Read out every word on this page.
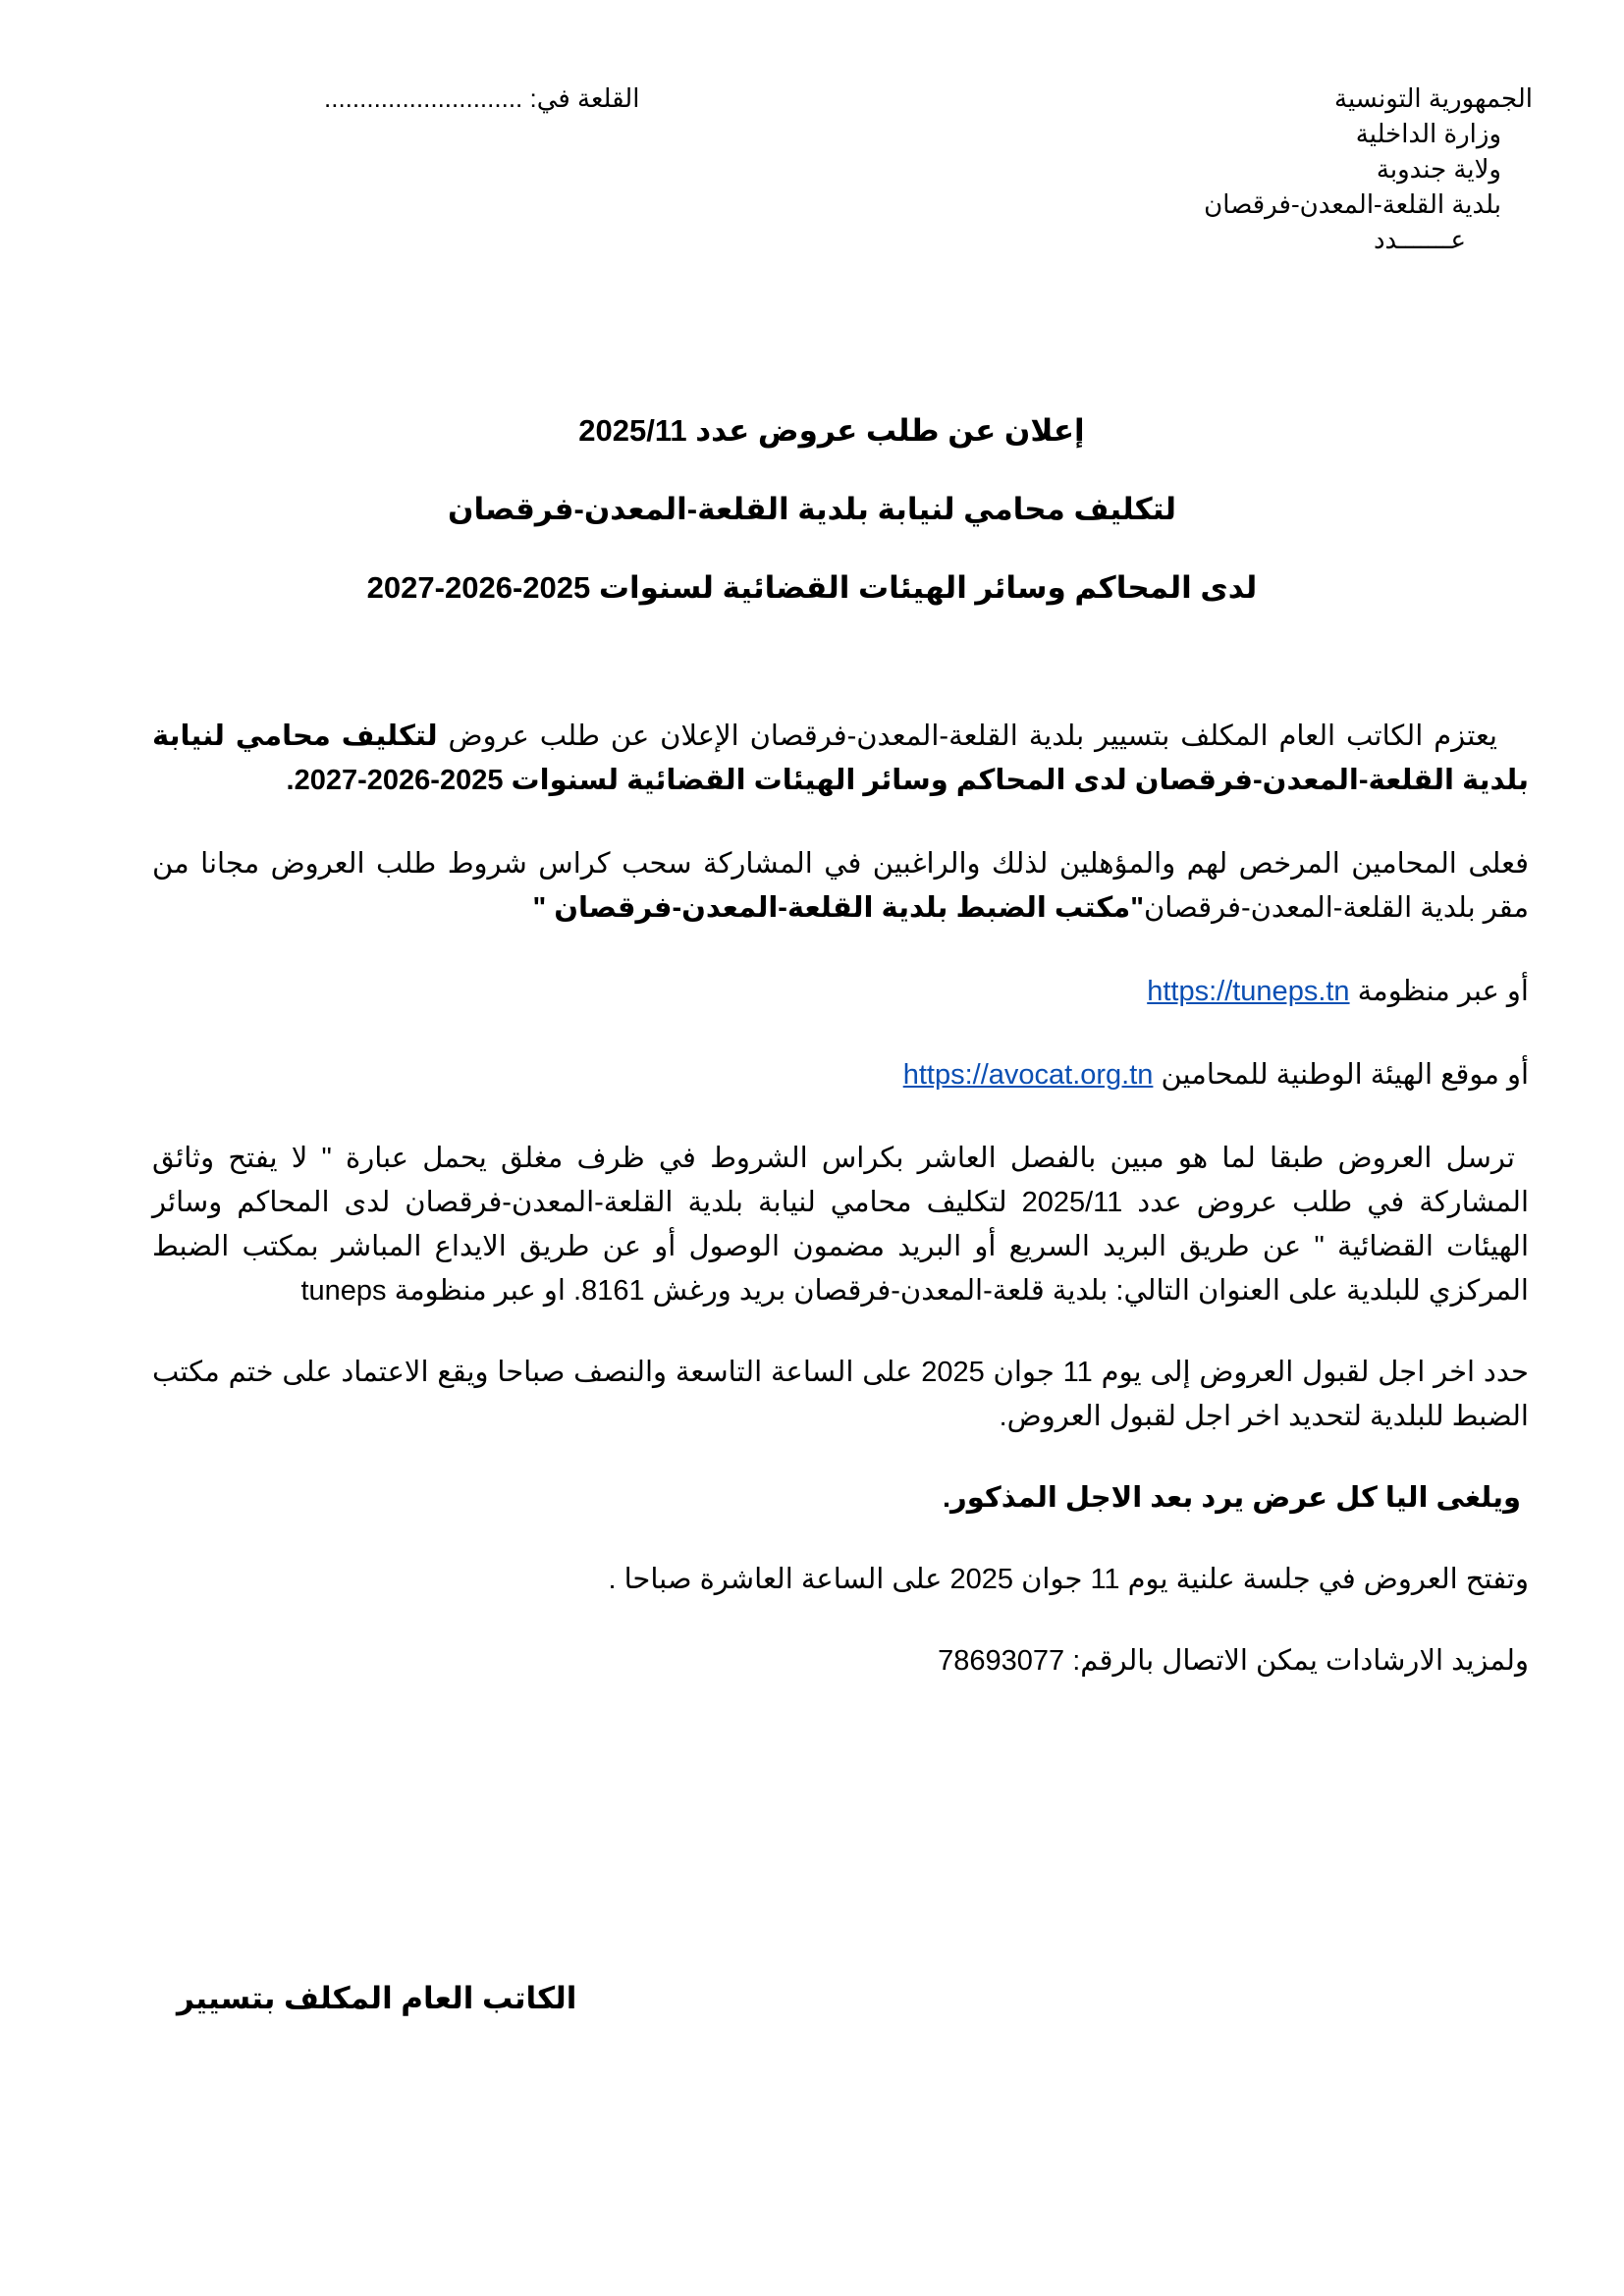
الجمهورية التونسية
وزارة الداخلية
ولاية جندوبة
بلدية القلعة-المعدن-فرقصان
عـــــــدد
القلعة في: ............................
إعلان عن طلب عروض عدد 2025/11
لتكليف محامي لنيابة بلدية القلعة-المعدن-فرقصان
لدى المحاكم وسائر الهيئات القضائية لسنوات 2025-2026-2027

يعتزم الكاتب العام المكلف بتسيير بلدية القلعة-المعدن-فرقصان الإعلان عن طلب عروض لتكليف محامي لنيابة بلدية القلعة-المعدن-فرقصان لدى المحاكم وسائر الهيئات القضائية لسنوات 2025-2026-2027.

فعلى المحامين المرخص لهم والمؤهلين لذلك والراغبين في المشاركة سحب كراس شروط طلب العروض مجانا من مقر بلدية القلعة-المعدن-فرقصان"مكتب الضبط بلدية القلعة-المعدن-فرقصان "

أو عبر منظومة https://tuneps.tn

أو موقع الهيئة الوطنية للمحامين https://avocat.org.tn

ترسل العروض طبقا لما هو مبين بالفصل العاشر بكراس الشروط في ظرف مغلق يحمل عبارة " لا يفتح وثائق المشاركة في طلب عروض عدد 2025/11 لتكليف محامي لنيابة بلدية القلعة-المعدن-فرقصان لدى المحاكم وسائر الهيئات القضائية " عن طريق البريد السريع أو البريد مضمون الوصول أو عن طريق الايداع المباشر بمكتب الضبط المركزي للبلدية على العنوان التالي: بلدية قلعة-المعدن-فرقصان بريد ورغش 8161. او عبر منظومة tuneps

حدد اخر اجل لقبول العروض إلى يوم 11 جوان 2025 على الساعة التاسعة والنصف صباحا ويقع الاعتماد على ختم مكتب الضبط للبلدية لتحديد اخر اجل لقبول العروض.

ويلغى اليا كل عرض يرد بعد الاجل المذكور.

وتفتح العروض في جلسة علنية يوم 11 جوان 2025 على الساعة العاشرة صباحا .

ولمزيد الارشادات يمكن الاتصال بالرقم: 78693077

الكاتب العام المكلف بتسيير
